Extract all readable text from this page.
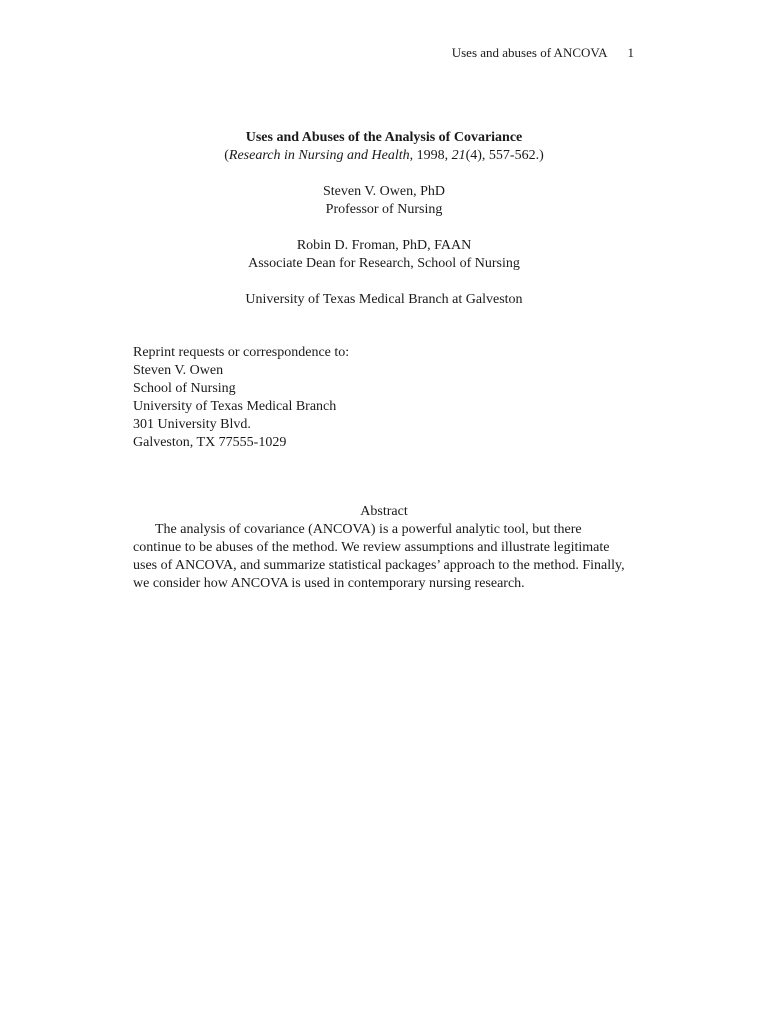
Uses and abuses of ANCOVA 1
Uses and Abuses of the Analysis of Covariance
(Research in Nursing and Health, 1998, 21(4), 557-562.)
Steven V. Owen, PhD
Professor of Nursing
Robin D. Froman, PhD, FAAN
Associate Dean for Research, School of Nursing
University of Texas Medical Branch at Galveston
Reprint requests or correspondence to:
Steven V. Owen
School of Nursing
University of Texas Medical Branch
301 University Blvd.
Galveston, TX 77555-1029
Abstract

The analysis of covariance (ANCOVA) is a powerful analytic tool, but there continue to be abuses of the method. We review assumptions and illustrate legitimate uses of ANCOVA, and summarize statistical packages’ approach to the method. Finally, we consider how ANCOVA is used in contemporary nursing research.
